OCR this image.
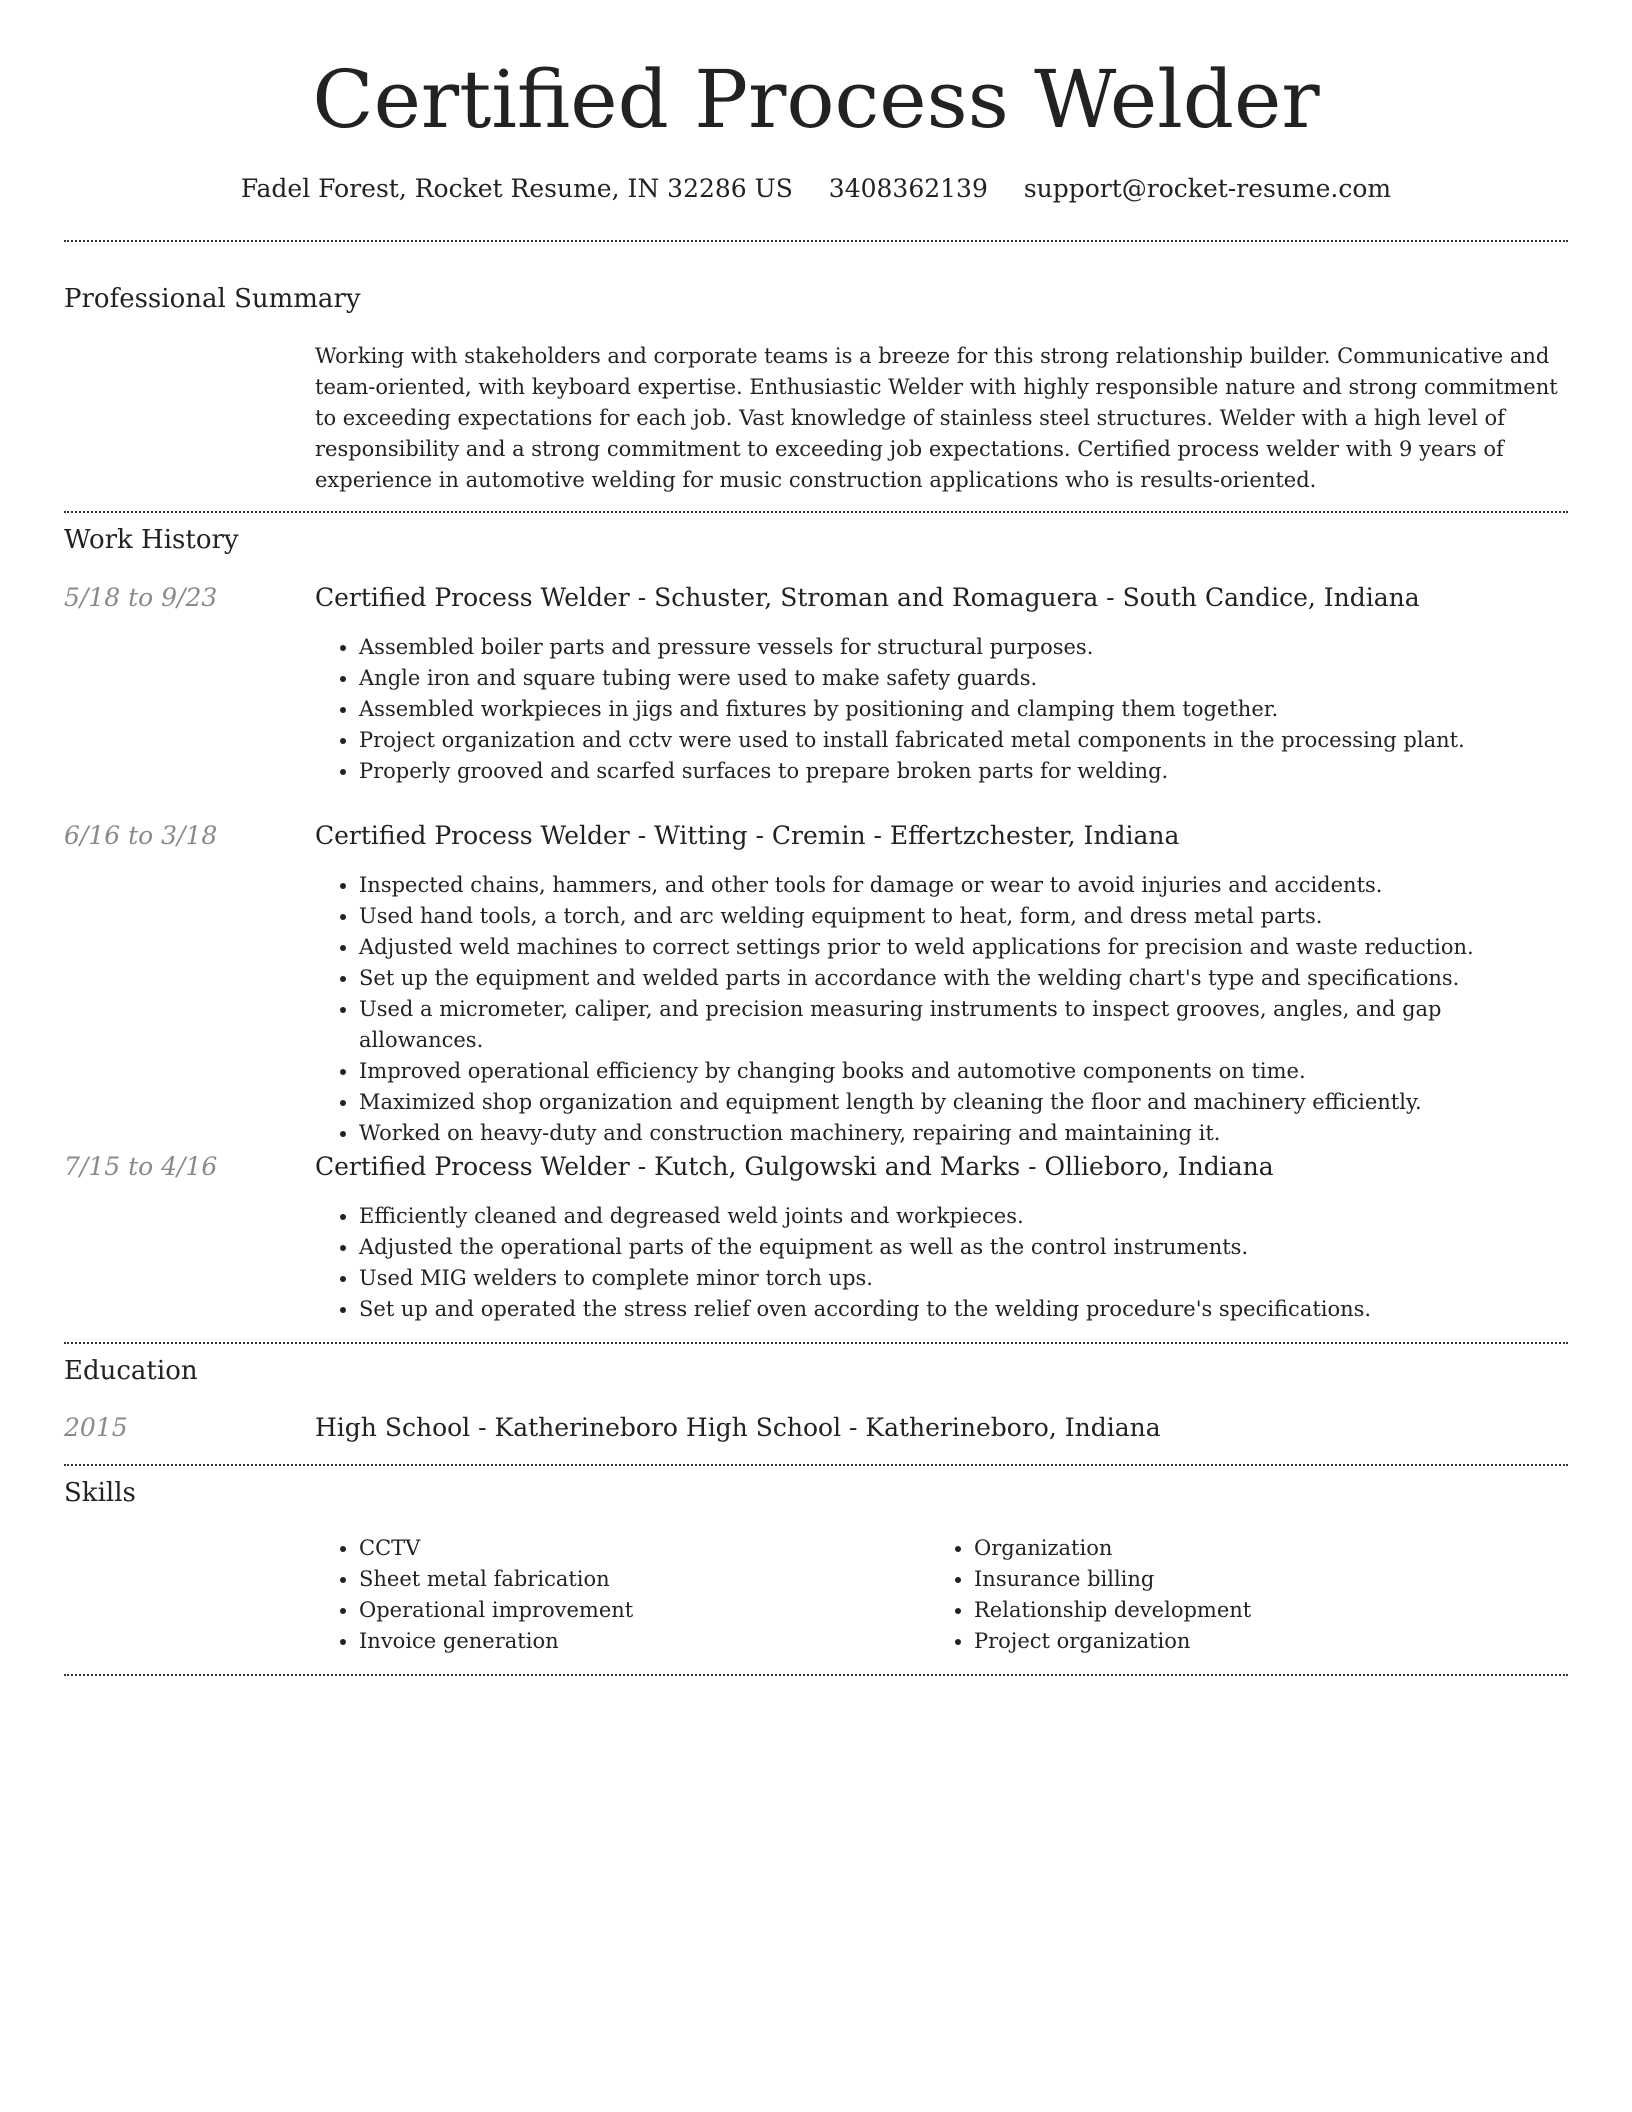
Certified Process Welder
Fadel Forest, Rocket Resume, IN 32286 US 3408362139 support@rocket-resume.com
Professional Summary
Working with stakeholders and corporate teams is a breeze for this strong relationship builder. Communicative and team-oriented, with keyboard expertise. Enthusiastic Welder with highly responsible nature and strong commitment to exceeding expectations for each job. Vast knowledge of stainless steel structures. Welder with a high level of responsibility and a strong commitment to exceeding job expectations. Certified process welder with 9 years of experience in automotive welding for music construction applications who is results-oriented.
Work History
5/18 to 9/23	Certified Process Welder - Schuster, Stroman and Romaguera - South Candice, Indiana
• Assembled boiler parts and pressure vessels for structural purposes.
• Angle iron and square tubing were used to make safety guards.
• Assembled workpieces in jigs and fixtures by positioning and clamping them together.
• Project organization and cctv were used to install fabricated metal components in the processing plant.
• Properly grooved and scarfed surfaces to prepare broken parts for welding.
6/16 to 3/18	Certified Process Welder - Witting - Cremin - Effertzchester, Indiana
• Inspected chains, hammers, and other tools for damage or wear to avoid injuries and accidents.
• Used hand tools, a torch, and arc welding equipment to heat, form, and dress metal parts.
• Adjusted weld machines to correct settings prior to weld applications for precision and waste reduction.
• Set up the equipment and welded parts in accordance with the welding chart's type and specifications.
• Used a micrometer, caliper, and precision measuring instruments to inspect grooves, angles, and gap allowances.
• Improved operational efficiency by changing books and automotive components on time.
• Maximized shop organization and equipment length by cleaning the floor and machinery efficiently.
• Worked on heavy-duty and construction machinery, repairing and maintaining it.
7/15 to 4/16	Certified Process Welder - Kutch, Gulgowski and Marks - Ollieboro, Indiana
• Efficiently cleaned and degreased weld joints and workpieces.
• Adjusted the operational parts of the equipment as well as the control instruments.
• Used MIG welders to complete minor torch ups.
• Set up and operated the stress relief oven according to the welding procedure's specifications.
Education
2015	High School - Katherineboro High School - Katherineboro, Indiana
Skills
• CCTV
• Sheet metal fabrication
• Operational improvement
• Invoice generation
• Organization
• Insurance billing
• Relationship development
• Project organization
